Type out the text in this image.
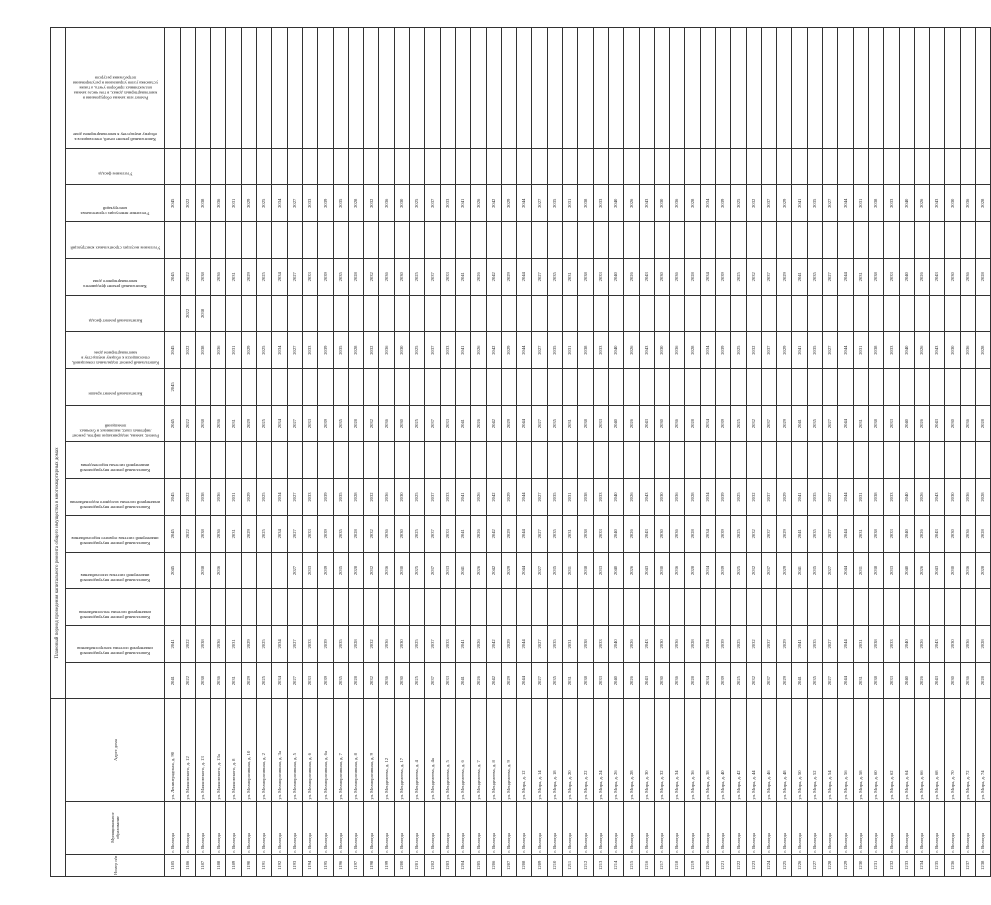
			Плановый период проведения капитального ремонта общего имущества в многоквартирных домах															
Номер п/п	Муниципальное образование	Адрес дома	Капитальный ремонт внутридомовой инженерной системы электроснабжения	Капитальный ремонт внутридомовой инженерной системы теплоснабжения	Капитальный ремонт внутридомовой инженерной системы газоснабжения	Капитальный ремонт внутридомовой инженерной системы горячего водоснабжения	Капитальный ремонт внутридомовой инженерной системы холодного водоснабжения	Капитальный ремонт внутридомовой инженерной системы водоотведения	Ремонт, замена, модернизация лифтов, ремонт лифтовых шахт, машинных и блочных помещений	Капитальный ремонт крыши	Капитальный ремонт подвальных помещений, относящихся к общему имуществу в многоквартирном доме	Капитальный ремонт фасада	Капитальный ремонт фундамента многоквартирного дома	Утепление несущих строительных конструкций	Утепление ненесущих строительных конструкций	Утепление фасада	Капитальный ремонт печей, относящихся к общему имуществу в многоквартирном доме	Ремонт или замена оборудования в многоквартирных домах, в том числе замена коллективных приборов учета, а также установка узлов управления и регулирования потребления ресурсов
1185	г. Вологда	ул. Ленинградская, д. 90	2041	2041		2045	2045	2045		2045	2045	2045		2045		2045		
1186	г. Вологда	ул. Маяковского, д. 12	2022	2022			2022	2022		2022		2022	2022	2022		2022		
1187	г. Вологда	ул. Маяковского, д. 13	2038	2038		2038	2038	2038		2038		2038	2038	2038		2038		
1188	г. Вологда	ул. Маяковского, д. 13а	2036	2036		2036	2036	2036		2036		2036		2036		2036		
1189	г. Вологда	ул. Маяковского, д. 8	2031	2031			2031	2031		2031		2031		2031		2031		
1190	г. Вологда	ул. Мелиоративная, д. 10	2029	2029			2029	2029		2029		2029		2029		2029		
1191	г. Вологда	ул. Мелиоративная, д. 2	2025	2025			2025	2025		2025		2025		2025		2025		
1192	г. Вологда	ул. Мелиоративная, д. 3а	2034	2034			2034	2034		2034		2034		2034		2034		
1193	г. Вологда	ул. Мелиоративная, д. 5	2027	2027		2027	2027	2027		2027		2027		2027		2027		
1194	г. Вологда	ул. Мелиоративная, д. 6	2033	2033		2033	2033	2033		2033		2033		2033		2033		
1195	г. Вологда	ул. Мелиоративная, д. 6а	2039	2039		2039	2039	2039		2039		2039		2039		2039		
1196	г. Вологда	ул. Мелиоративная, д. 7	2035	2035		2035	2035	2035		2035		2035		2035		2035		
1197	г. Вологда	ул. Мелиоративная, д. 8	2028	2028		2028	2028	2028		2028		2028		2028		2028		
1198	г. Вологда	ул. Мелиоративная, д. 9	2032	2032		2032	2032	2032		2032		2032		2032		2032		
1199	г. Вологда	ул. Менделеева, д. 12	2036	2036		2036	2036	2036		2036		2036		2036		2036		
1200	г. Вологда	ул. Менделеева, д. 17	2030	2030		2030	2030	2030		2030		2030		2030		2030		
1201	г. Вологда	ул. Менделеева, д. 4	2025	2025		2025	2025	2025		2025		2025		2025		2025		
1202	г. Вологда	ул. Менделеева, д. 4а	2037	2037		2037	2037	2037		2037		2037		2037		2037		
1203	г. Вологда	ул. Менделеева, д. 5	2033	2033		2033	2033	2033		2033		2033		2033		2033		
1204	г. Вологда	ул. Менделеева, д. 6	2041	2041		2041	2041	2041		2041		2041		2041		2041		
1205	г. Вологда	ул. Менделеева, д. 7	2026	2026		2026	2026	2026		2026		2026		2026		2026		
1206	г. Вологда	ул. Менделеева, д. 8	2042	2042		2042	2042	2042		2042		2042		2042		2042		
1207	г. Вологда	ул. Менделеева, д. 9	2029	2029		2029	2029	2029		2029		2029		2029		2029		
1208	г. Вологда	ул. Мира, д. 12	2044	2044		2044	2044	2044		2044		2044		2044		2044		
1209	г. Вологда	ул. Мира, д. 14	2027	2027		2027	2027	2027		2027		2027		2027		2027		
1210	г. Вологда	ул. Мира, д. 18	2035	2035		2035	2035	2035		2035		2035		2035		2035		
1211	г. Вологда	ул. Мира, д. 20	2031	2031		2031	2031	2031		2031		2031		2031		2031		
1212	г. Вологда	ул. Мира, д. 22	2038	2038		2038	2038	2038		2038		2038		2038		2038		
1213	г. Вологда	ул. Мира, д. 24	2033	2033		2033	2033	2033		2033		2033		2033		2033		
1214	г. Вологда	ул. Мира, д. 26	2040	2040		2040	2040	2040		2040		2040		2040		2040		
1215	г. Вологда	ул. Мира, д. 28	2026	2026		2026	2026	2026		2026		2026		2026		2026		
1216	г. Вологда	ул. Мира, д. 30	2043	2043		2043	2043	2043		2043		2043		2043		2043		
1217	г. Вологда	ул. Мира, д. 32	2030	2030		2030	2030	2030		2030		2030		2030		2030		
1218	г. Вологда	ул. Мира, д. 34	2036	2036		2036	2036	2036		2036		2036		2036		2036		
1219	г. Вологда	ул. Мира, д. 36	2028	2028		2028	2028	2028		2028		2028		2028		2028		
1220	г. Вологда	ул. Мира, д. 38	2034	2034		2034	2034	2034		2034		2034		2034		2034		
1221	г. Вологда	ул. Мира, д. 40	2039	2039		2039	2039	2039		2039		2039		2039		2039		
1222	г. Вологда	ул. Мира, д. 42	2025	2025		2025	2025	2025		2025		2025		2025		2025		
1223	г. Вологда	ул. Мира, д. 44	2032	2032		2032	2032	2032		2032		2032		2032		2032		
1224	г. Вологда	ул. Мира, д. 46	2037	2037		2037	2037	2037		2037		2037		2037		2037		
1225	г. Вологда	ул. Мира, д. 48	2029	2029		2029	2029	2029		2029		2029		2029		2029		
1226	г. Вологда	ул. Мира, д. 50	2041	2041		2041	2041	2041		2041		2041		2041		2041		
1227	г. Вологда	ул. Мира, д. 52	2035	2035		2035	2035	2035		2035		2035		2035		2035		
1228	г. Вологда	ул. Мира, д. 54	2027	2027		2027	2027	2027		2027		2027		2027		2027		
1229	г. Вологда	ул. Мира, д. 56	2044	2044		2044	2044	2044		2044		2044		2044		2044		
1230	г. Вологда	ул. Мира, д. 58	2031	2031		2031	2031	2031		2031		2031		2031		2031		
1231	г. Вологда	ул. Мира, д. 60	2038	2038		2038	2038	2038		2038		2038		2038		2038		
1232	г. Вологда	ул. Мира, д. 62	2033	2033		2033	2033	2033		2033		2033		2033		2033		
1233	г. Вологда	ул. Мира, д. 64	2040	2040		2040	2040	2040		2040		2040		2040		2040		
1234	г. Вологда	ул. Мира, д. 66	2026	2026		2026	2026	2026		2026		2026		2026		2026		
1235	г. Вологда	ул. Мира, д. 68	2043	2043		2043	2043	2043		2043		2043		2043		2043		
1236	г. Вологда	ул. Мира, д. 70	2030	2030		2030	2030	2030		2030		2030		2030		2030		
1237	г. Вологда	ул. Мира, д. 72	2036	2036		2036	2036	2036		2036		2036		2036		2036		
1238	г. Вологда	ул. Мира, д. 74	2028	2028		2028	2028	2028		2028		2028		2028		2028		
